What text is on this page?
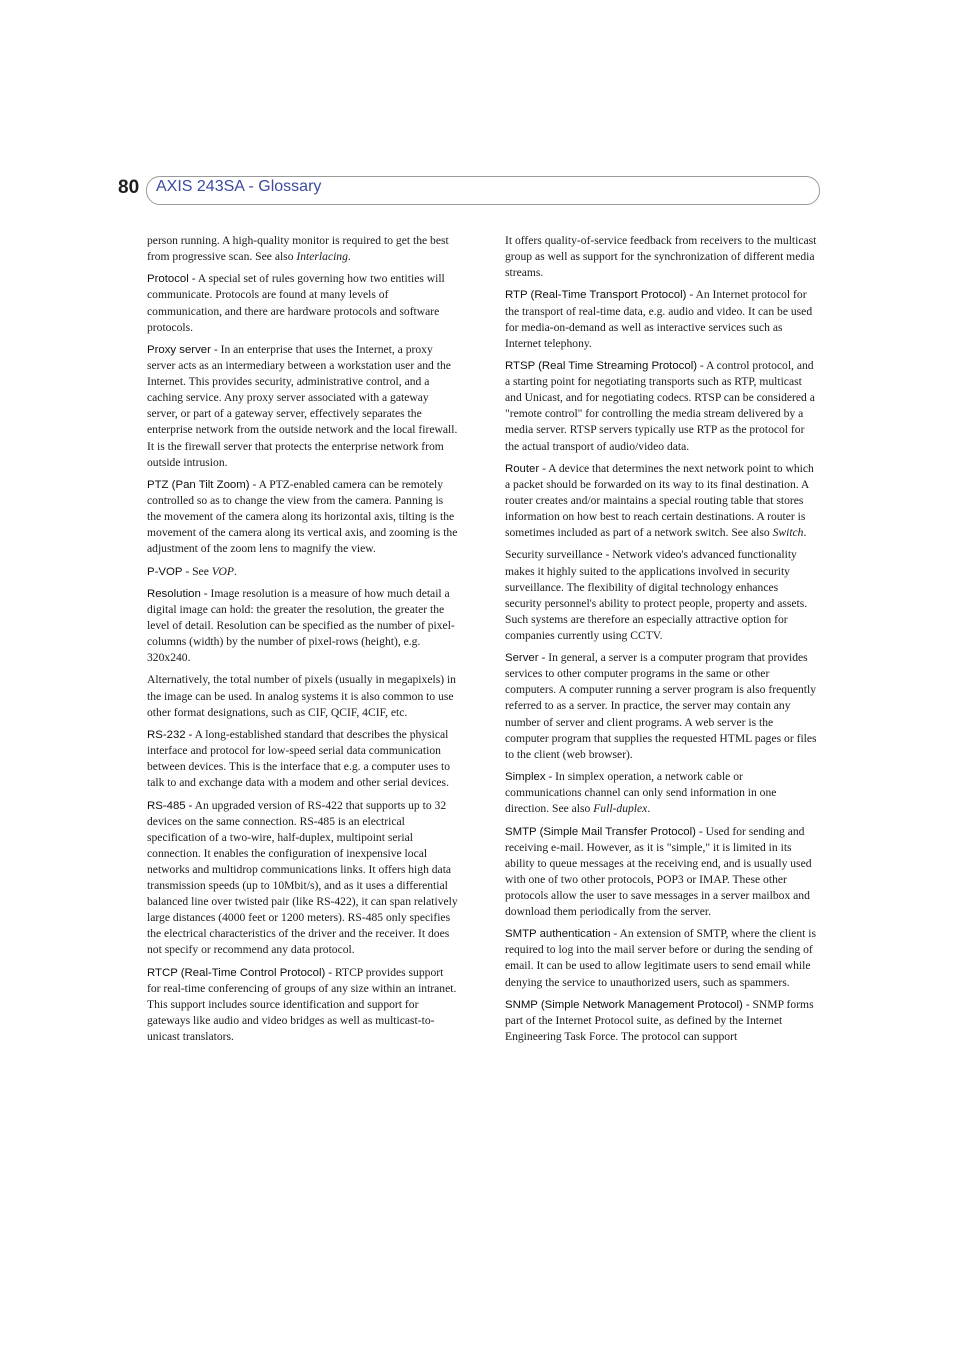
80 AXIS 243SA - Glossary

person running. A high-quality monitor is required to get the best from progressive scan. See also Interlacing.

Protocol - A special set of rules governing how two entities will communicate. Protocols are found at many levels of communication, and there are hardware protocols and software protocols.

Proxy server - In an enterprise that uses the Internet, a proxy server acts as an intermediary between a workstation user and the Internet. This provides security, administrative control, and a caching service. Any proxy server associated with a gateway server, or part of a gateway server, effectively separates the enterprise network from the outside network and the local firewall. It is the firewall server that protects the enterprise network from outside intrusion.

PTZ (Pan Tilt Zoom) - A PTZ-enabled camera can be remotely controlled so as to change the view from the camera. Panning is the movement of the camera along its horizontal axis, tilting is the movement of the camera along its vertical axis, and zooming is the adjustment of the zoom lens to magnify the view.

P-VOP - See VOP.

Resolution - Image resolution is a measure of how much detail a digital image can hold: the greater the resolution, the greater the level of detail. Resolution can be specified as the number of pixel-columns (width) by the number of pixel-rows (height), e.g. 320x240.

Alternatively, the total number of pixels (usually in megapixels) in the image can be used. In analog systems it is also common to use other format designations, such as CIF, QCIF, 4CIF, etc.

RS-232 - A long-established standard that describes the physical interface and protocol for low-speed serial data communication between devices. This is the interface that e.g. a computer uses to talk to and exchange data with a modem and other serial devices.

RS-485 - An upgraded version of RS-422 that supports up to 32 devices on the same connection. RS-485 is an electrical specification of a two-wire, half-duplex, multipoint serial connection. It enables the configuration of inexpensive local networks and multidrop communications links. It offers high data transmission speeds (up to 10Mbit/s), and as it uses a differential balanced line over twisted pair (like RS-422), it can span relatively large distances (4000 feet or 1200 meters). RS-485 only specifies the electrical characteristics of the driver and the receiver. It does not specify or recommend any data protocol.

RTCP (Real-Time Control Protocol) - RTCP provides support for real-time conferencing of groups of any size within an intranet. This support includes source identification and support for gateways like audio and video bridges as well as multicast-to-unicast translators.

It offers quality-of-service feedback from receivers to the multicast group as well as support for the synchronization of different media streams.

RTP (Real-Time Transport Protocol) - An Internet protocol for the transport of real-time data, e.g. audio and video. It can be used for media-on-demand as well as interactive services such as Internet telephony.

RTSP (Real Time Streaming Protocol) - A control protocol, and a starting point for negotiating transports such as RTP, multicast and Unicast, and for negotiating codecs. RTSP can be considered a "remote control" for controlling the media stream delivered by a media server. RTSP servers typically use RTP as the protocol for the actual transport of audio/video data.

Router - A device that determines the next network point to which a packet should be forwarded on its way to its final destination. A router creates and/or maintains a special routing table that stores information on how best to reach certain destinations. A router is sometimes included as part of a network switch. See also Switch.

Security surveillance - Network video's advanced functionality makes it highly suited to the applications involved in security surveillance. The flexibility of digital technology enhances security personnel's ability to protect people, property and assets. Such systems are therefore an especially attractive option for companies currently using CCTV.

Server - In general, a server is a computer program that provides services to other computer programs in the same or other computers. A computer running a server program is also frequently referred to as a server. In practice, the server may contain any number of server and client programs. A web server is the computer program that supplies the requested HTML pages or files to the client (web browser).

Simplex - In simplex operation, a network cable or communications channel can only send information in one direction. See also Full-duplex.

SMTP (Simple Mail Transfer Protocol) - Used for sending and receiving e-mail. However, as it is "simple," it is limited in its ability to queue messages at the receiving end, and is usually used with one of two other protocols, POP3 or IMAP. These other protocols allow the user to save messages in a server mailbox and download them periodically from the server.

SMTP authentication - An extension of SMTP, where the client is required to log into the mail server before or during the sending of email. It can be used to allow legitimate users to send email while denying the service to unauthorized users, such as spammers.

SNMP (Simple Network Management Protocol) - SNMP forms part of the Internet Protocol suite, as defined by the Internet Engineering Task Force. The protocol can support
